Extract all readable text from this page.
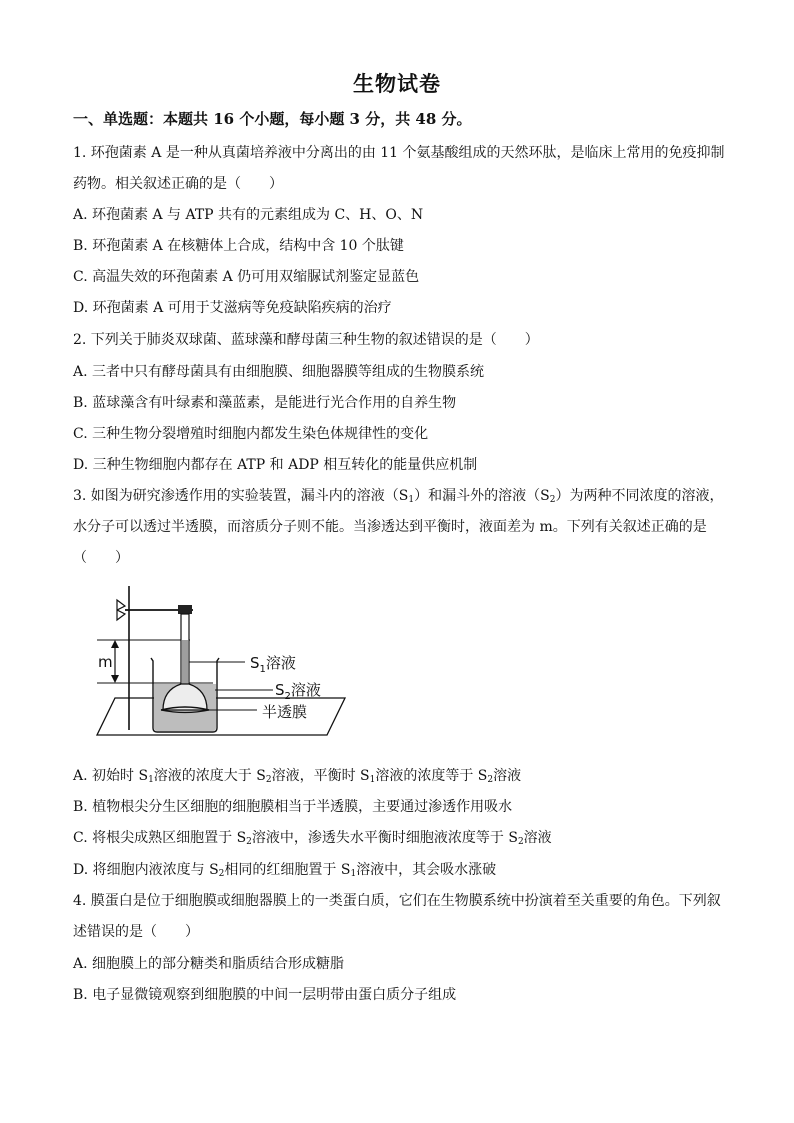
生物试卷
一、单选题：本题共 16 个小题，每小题 3 分，共 48 分。
1. 环孢菌素 A 是一种从真菌培养液中分离出的由 11 个氨基酸组成的天然环肽，是临床上常用的免疫抑制
药物。相关叙述正确的是（　　）
A. 环孢菌素 A 与 ATP 共有的元素组成为 C、H、O、N
B. 环孢菌素 A 在核糖体上合成，结构中含 10 个肽键
C. 高温失效的环孢菌素 A 仍可用双缩脲试剂鉴定显蓝色
D. 环孢菌素 A 可用于艾滋病等免疫缺陷疾病的治疗
2. 下列关于肺炎双球菌、蓝球藻和酵母菌三种生物的叙述错误的是（　　）
A. 三者中只有酵母菌具有由细胞膜、细胞器膜等组成的生物膜系统
B. 蓝球藻含有叶绿素和藻蓝素，是能进行光合作用的自养生物
C. 三种生物分裂增殖时细胞内都发生染色体规律性的变化
D. 三种生物细胞内都存在 ATP 和 ADP 相互转化的能量供应机制
3. 如图为研究渗透作用的实验装置，漏斗内的溶液$(S_1)$和漏斗外的溶液$(S_2)$为两种不同浓度的溶液，
水分子可以透过半透膜，而溶质分子则不能。当渗透达到平衡时，液面差为 m。下列有关叙述正确的是
（　　）
m	$S_1$溶液
$S_2$溶液
半透膜
A. 初始时 $S_1$溶液的浓度大于 $S_2$溶液，平衡时 $S_1$溶液的浓度等于 $S_2$溶液
B. 植物根尖分生区细胞的细胞膜相当于半透膜，主要通过渗透作用吸水
C. 将根尖成熟区细胞置于 $S_2$溶液中，渗透失水平衡时细胞液浓度等于 $S_2$溶液
D. 将细胞内液浓度与 $S_2$相同的红细胞置于 $S_1$溶液中，其会吸水涨破
4. 膜蛋白是位于细胞膜或细胞器膜上的一类蛋白质，它们在生物膜系统中扮演着至关重要的角色。下列叙
述错误的是（　　）
A. 细胞膜上的部分糖类和脂质结合形成糖脂
B. 电子显微镜观察到细胞膜的中间一层明带由蛋白质分子组成
